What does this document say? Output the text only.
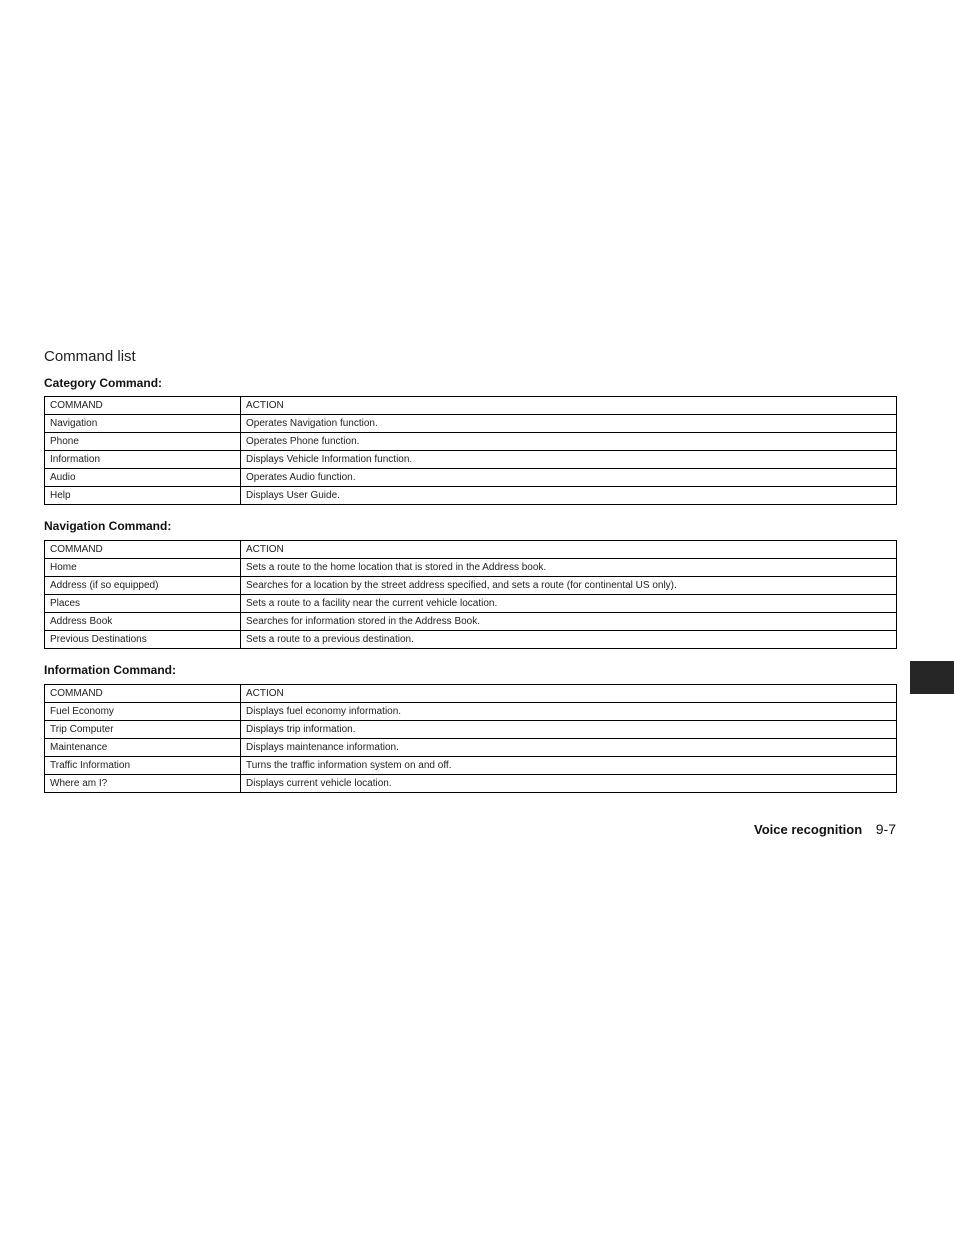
Command list
Category Command:
COMMAND	ACTION
Navigation	Operates Navigation function.
Phone	Operates Phone function.
Information	Displays Vehicle Information function.
Audio	Operates Audio function.
Help	Displays User Guide.
Navigation Command:
COMMAND	ACTION
Home	Sets a route to the home location that is stored in the Address book.
Address (if so equipped)	Searches for a location by the street address specified, and sets a route (for continental US only).
Places	Sets a route to a facility near the current vehicle location.
Address Book	Searches for information stored in the Address Book.
Previous Destinations	Sets a route to a previous destination.
Information Command:
COMMAND	ACTION
Fuel Economy	Displays fuel economy information.
Trip Computer	Displays trip information.
Maintenance	Displays maintenance information.
Traffic Information	Turns the traffic information system on and off.
Where am I?	Displays current vehicle location.
Voice recognition 9-7
